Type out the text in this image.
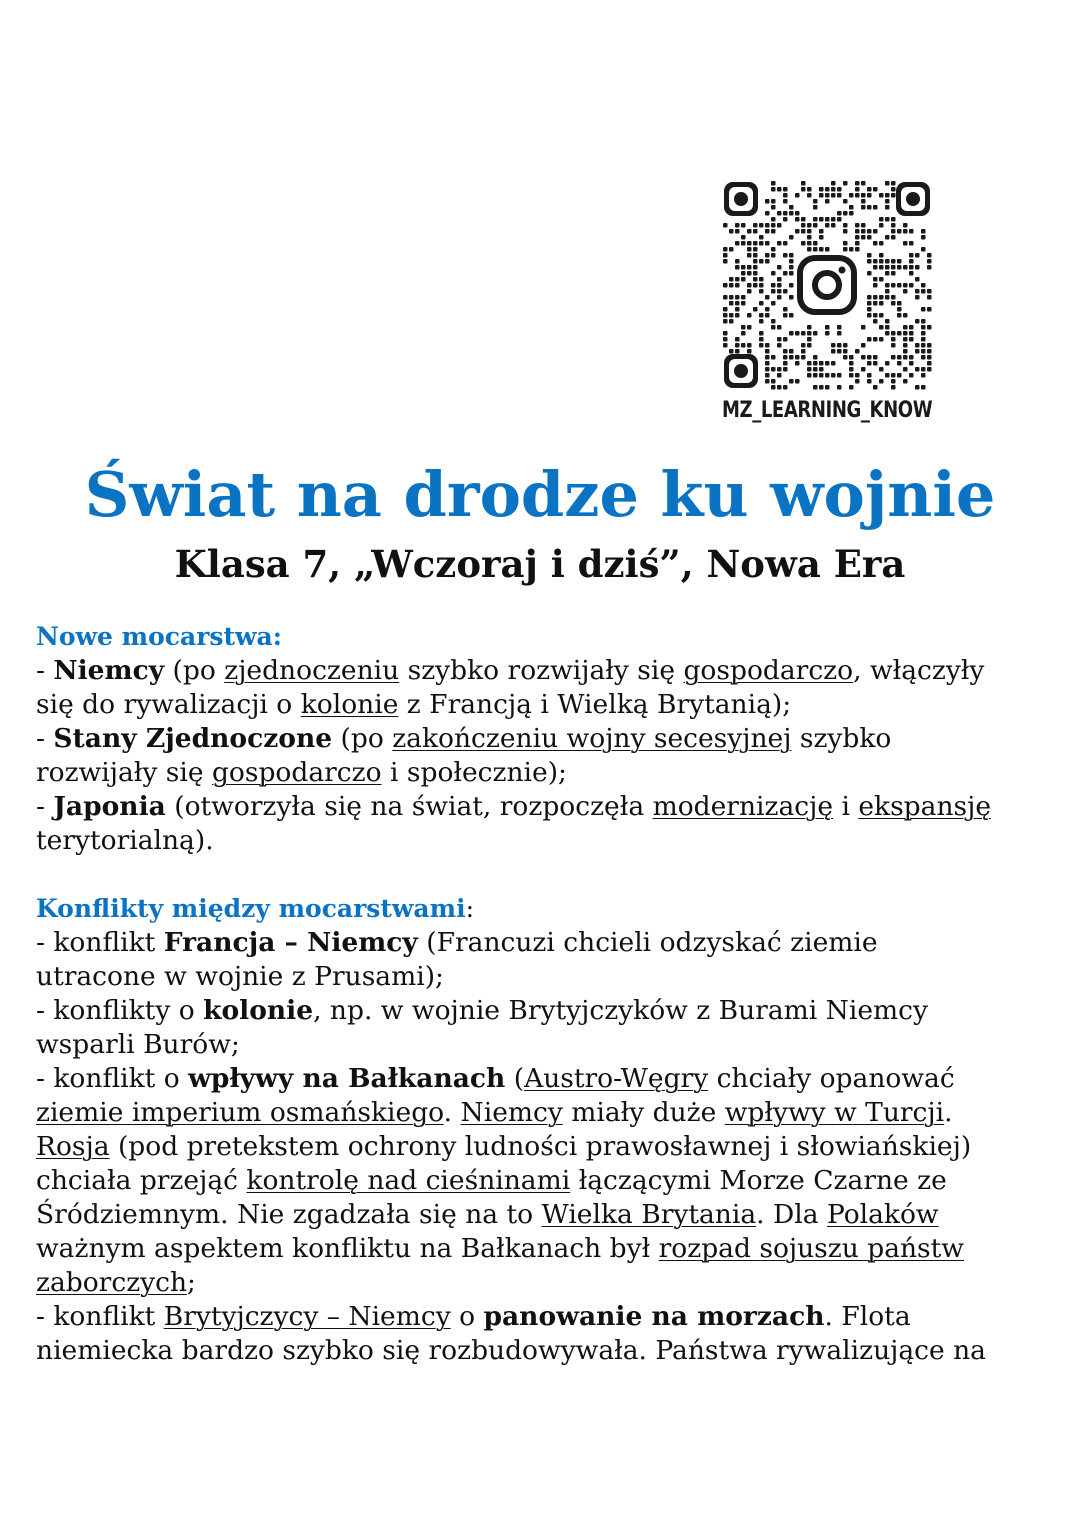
MZ_LEARNING_KNOW
Świat na drodze ku wojnie
Klasa 7, „Wczoraj i dziś”, Nowa Era
Nowe mocarstwa:
- Niemcy (po zjednoczeniu szybko rozwijały się gospodarczo, włączyły
się do rywalizacji o kolonie z Francją i Wielką Brytanią);
- Stany Zjednoczone (po zakończeniu wojny secesyjnej szybko
rozwijały się gospodarczo i społecznie);
- Japonia (otworzyła się na świat, rozpoczęła modernizację i ekspansję
terytorialną).
Konflikty między mocarstwami:
- konflikt Francja – Niemcy (Francuzi chcieli odzyskać ziemie
utracone w wojnie z Prusami);
- konflikty o kolonie, np. w wojnie Brytyjczyków z Burami Niemcy
wsparli Burów;
- konflikt o wpływy na Bałkanach (Austro-Węgry chciały opanować
ziemie imperium osmańskiego. Niemcy miały duże wpływy w Turcji.
Rosja (pod pretekstem ochrony ludności prawosławnej i słowiańskiej)
chciała przejąć kontrolę nad cieśninami łączącymi Morze Czarne ze
Śródziemnym. Nie zgadzała się na to Wielka Brytania. Dla Polaków
ważnym aspektem konfliktu na Bałkanach był rozpad sojuszu państw
zaborczych;
- konflikt Brytyjczycy – Niemcy o panowanie na morzach. Flota
niemiecka bardzo szybko się rozbudowywała. Państwa rywalizujące na
